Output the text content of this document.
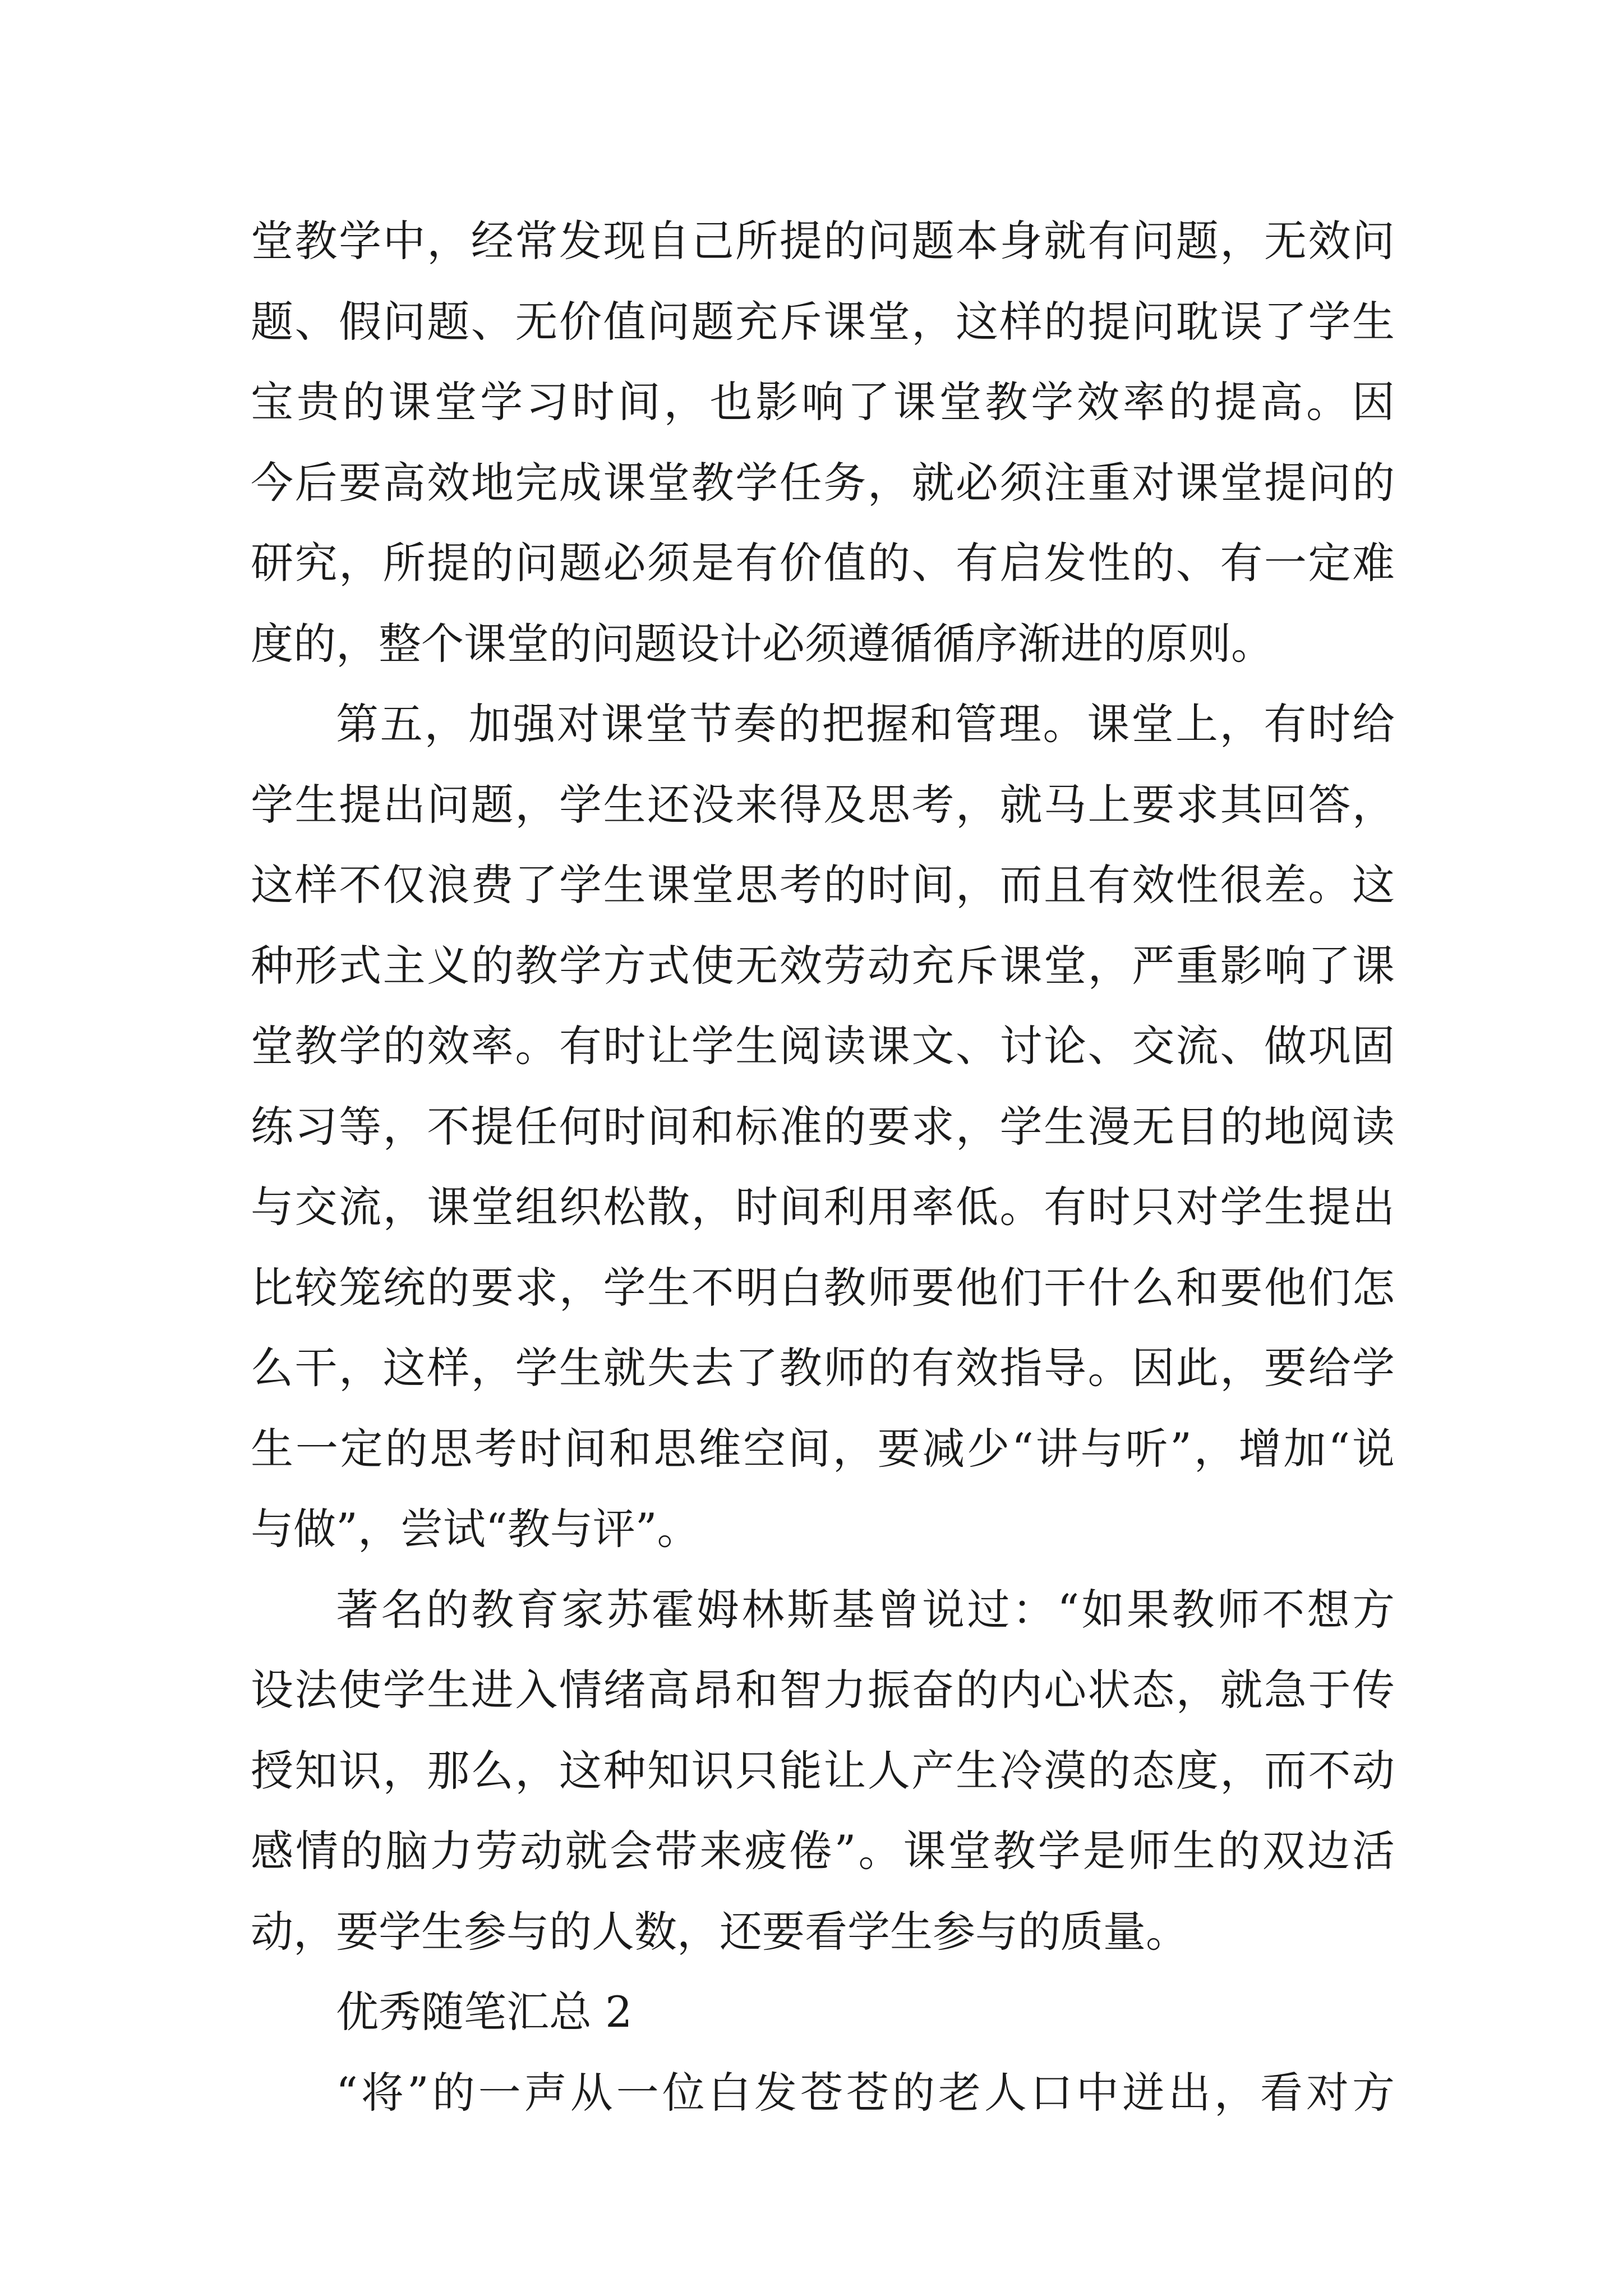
堂教学中，经常发现自己所提的问题本身就有问题，无效问
题、假问题、无价值问题充斥课堂，这样的提问耽误了学生
宝贵的课堂学习时间，也影响了课堂教学效率的提高。因
今后要高效地完成课堂教学任务，就必须注重对课堂提问的
研究，所提的问题必须是有价值的、有启发性的、有一定难
度的，整个课堂的问题设计必须遵循循序渐进的原则。
第五，加强对课堂节奏的把握和管理。课堂上，有时给
学生提出问题，学生还没来得及思考，就马上要求其回答，
这样不仅浪费了学生课堂思考的时间，而且有效性很差。这
种形式主义的教学方式使无效劳动充斥课堂，严重影响了课
堂教学的效率。有时让学生阅读课文、讨论、交流、做巩固
练习等，不提任何时间和标准的要求，学生漫无目的地阅读
与交流，课堂组织松散，时间利用率低。有时只对学生提出
比较笼统的要求，学生不明白教师要他们干什么和要他们怎
么干，这样，学生就失去了教师的有效指导。因此，要给学
生一定的思考时间和思维空间，要减少“讲与听”，增加“说
与做”，尝试“教与评”。
著名的教育家苏霍姆林斯基曾说过：“如果教师不想方
设法使学生进入情绪高昂和智力振奋的内心状态，就急于传
授知识，那么，这种知识只能让人产生冷漠的态度，而不动
感情的脑力劳动就会带来疲倦”。课堂教学是师生的双边活
动，要学生参与的人数，还要看学生参与的质量。
优秀随笔汇总 2
“将”的一声从一位白发苍苍的老人口中迸出，看对方
